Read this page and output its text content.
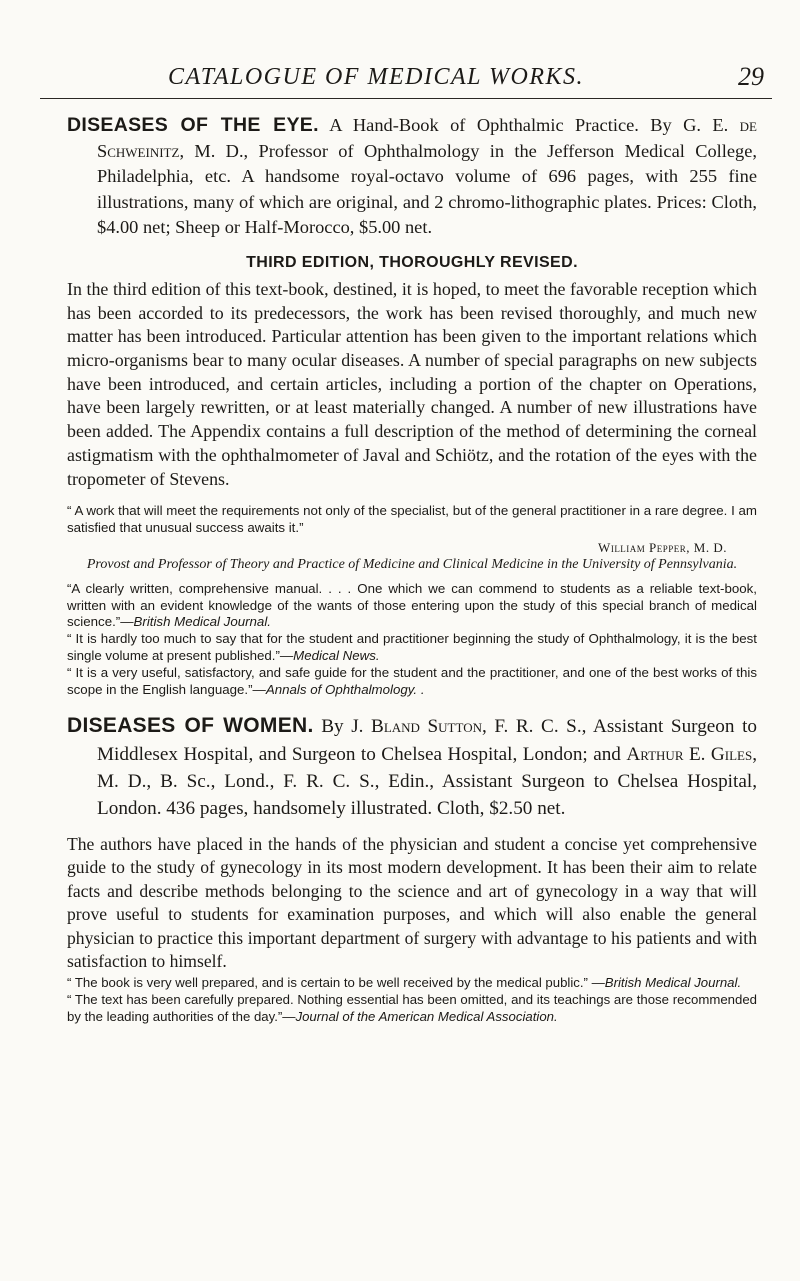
CATALOGUE OF MEDICAL WORKS.	29

DISEASES OF THE EYE. A Hand-Book of Ophthalmic Practice. By G. E. de Schweinitz, M. D., Professor of Ophthalmology in the Jefferson Medical College, Philadelphia, etc. A handsome royal-octavo volume of 696 pages, with 255 fine illustrations, many of which are original, and 2 chromo-lithographic plates. Prices: Cloth, $4.00 net; Sheep or Half-Morocco, $5.00 net.

THIRD EDITION, THOROUGHLY REVISED.

In the third edition of this text-book, destined, it is hoped, to meet the favorable reception which has been accorded to its predecessors, the work has been revised thoroughly, and much new matter has been introduced. Particular attention has been given to the important relations which micro-organisms bear to many ocular diseases. A number of special paragraphs on new subjects have been introduced, and certain articles, including a portion of the chapter on Operations, have been largely rewritten, or at least materially changed. A number of new illustrations have been added. The Appendix contains a full description of the method of determining the corneal astigmatism with the ophthalmometer of Javal and Schiötz, and the rotation of the eyes with the tropometer of Stevens.

“ A work that will meet the requirements not only of the specialist, but of the general practitioner in a rare degree. I am satisfied that unusual success awaits it.”

William Pepper, M. D.
Provost and Professor of Theory and Practice of Medicine and Clinical Medicine in the University of Pennsylvania.

“A clearly written, comprehensive manual. . . . One which we can commend to students as a reliable text-book, written with an evident knowledge of the wants of those entering upon the study of this special branch of medical science.”—British Medical Journal.

“ It is hardly too much to say that for the student and practitioner beginning the study of Ophthalmology, it is the best single volume at present published.”—Medical News.

“ It is a very useful, satisfactory, and safe guide for the student and the practitioner, and one of the best works of this scope in the English language.”—Annals of Ophthalmology. .

DISEASES OF WOMEN. By J. Bland Sutton, F. R. C. S., Assistant Surgeon to Middlesex Hospital, and Surgeon to Chelsea Hospital, London; and Arthur E. Giles, M. D., B. Sc., Lond., F. R. C. S., Edin., Assistant Surgeon to Chelsea Hospital, London. 436 pages, handsomely illustrated. Cloth, $2.50 net.

The authors have placed in the hands of the physician and student a concise yet comprehensive guide to the study of gynecology in its most modern development. It has been their aim to relate facts and describe methods belonging to the science and art of gynecology in a way that will prove useful to students for examination purposes, and which will also enable the general physician to practice this important department of surgery with advantage to his patients and with satisfaction to himself.

“ The book is very well prepared, and is certain to be well received by the medical public.” —British Medical Journal.

“ The text has been carefully prepared. Nothing essential has been omitted, and its teachings are those recommended by the leading authorities of the day.”—Journal of the American Medical Association.
